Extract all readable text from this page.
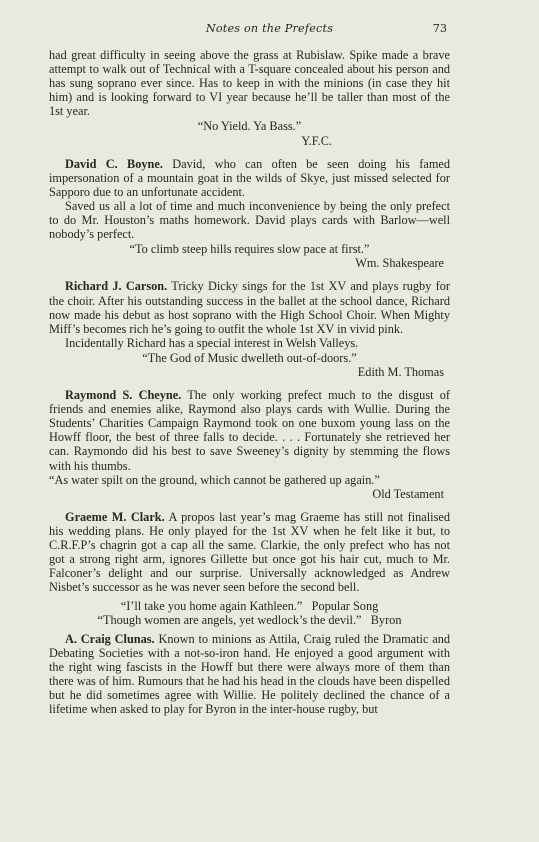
Notes on the Prefects	73

had great difficulty in seeing above the grass at Rubislaw. Spike made a brave attempt to walk out of Technical with a T-square concealed about his person and has sung soprano ever since. Has to keep in with the minions (in case they hit him) and is looking forward to VI year because he’ll be taller than most of the 1st year.

“No Yield. Ya Bass.”

Y.F.C.

David C. Boyne. David, who can often be seen doing his famed impersonation of a mountain goat in the wilds of Skye, just missed selected for Sapporo due to an unfortunate accident.

Saved us all a lot of time and much inconvenience by being the only prefect to do Mr. Houston’s maths homework. David plays cards with Barlow—well nobody’s perfect.

“To climb steep hills requires slow pace at first.”

Wm. Shakespeare

Richard J. Carson. Tricky Dicky sings for the 1st XV and plays rugby for the choir. After his outstanding success in the ballet at the school dance, Richard now made his debut as host soprano with the High School Choir. When Mighty Miff’s becomes rich he’s going to outfit the whole 1st XV in vivid pink.

Incidentally Richard has a special interest in Welsh Valleys.

“The God of Music dwelleth out-of-doors.”

Edith M. Thomas

Raymond S. Cheyne. The only working prefect much to the disgust of friends and enemies alike, Raymond also plays cards with Wullie. During the Students’ Charities Campaign Raymond took on one buxom young lass on the Howff floor, the best of three falls to decide. . . . Fortunately she retrieved her can. Raymondo did his best to save Sweeney’s dignity by stemming the flows with his thumbs.

“As water spilt on the ground, which cannot be gathered up again.”

Old Testament

Graeme M. Clark. A propos last year’s mag Graeme has still not finalised his wedding plans. He only played for the 1st XV when he felt like it but, to C.R.F.P’s chagrin got a cap all the same. Clarkie, the only prefect who has not got a strong right arm, ignores Gillette but once got his hair cut, much to Mr. Falconer’s delight and our surprise. Universally acknowledged as Andrew Nisbet’s successor as he was never seen before the second bell.

“I’ll take you home again Kathleen.” Popular Song

“Though women are angels, yet wedlock’s the devil.” Byron

A. Craig Clunas. Known to minions as Attila, Craig ruled the Dramatic and Debating Societies with a not-so-iron hand. He enjoyed a good argument with the right wing fascists in the Howff but there were always more of them than there was of him. Rumours that he had his head in the clouds have been dispelled but he did sometimes agree with Willie. He politely declined the chance of a lifetime when asked to play for Byron in the inter-house rugby, but
